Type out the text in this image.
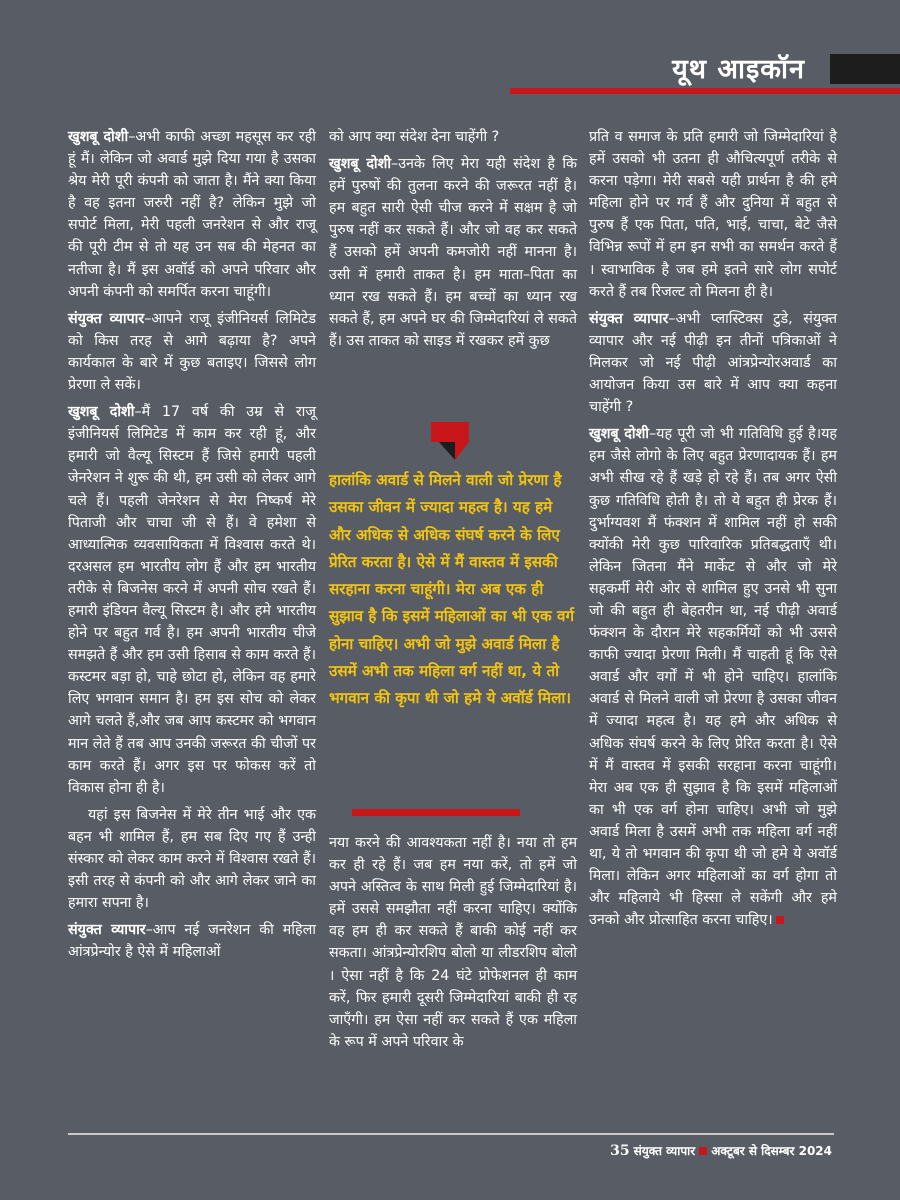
यूथ आइकॉन

खुशबू दोशी–अभी काफी अच्छा महसूस कर रही हूं मैं। लेकिन जो अवार्ड मुझे दिया गया है उसका श्रेय मेरी पूरी कंपनी को जाता है। मैंने क्या किया है वह इतना जरुरी नहीं है? लेकिन मुझे जो सपोर्ट मिला, मेरी पहली जनरेशन से और राजू की पूरी टीम से तो यह उन सब की मेहनत का नतीजा है। मैं इस अवॉर्ड को अपने परिवार और अपनी कंपनी को समर्पित करना चाहूंगी।

संयुक्त व्यापार–आपने राजू इंजीनियर्स लिमिटेड को किस तरह से आगे बढ़ाया है? अपने कार्यकाल के बारे में कुछ बताइए। जिससे लोग प्रेरणा ले सकें।

खुशबू दोशी–मैं 17 वर्ष की उम्र से राजू इंजीनियर्स लिमिटेड में काम कर रही हूं, और हमारी जो वैल्यू सिस्टम हैं जिसे हमारी पहली जेनरेशन ने शुरू की थी, हम उसी को लेकर आगे चले हैं। पहली जेनरेशन से मेरा निष्कर्ष मेरे पिताजी और चाचा जी से हैं। वे हमेशा से आध्यात्मिक व्यवसायिकता में विश्वास करते थे। दरअसल हम भारतीय लोग हैं और हम भारतीय तरीके से बिजनेस करने में अपनी सोच रखते हैं। हमारी इंडियन वैल्यू सिस्टम है। और हमे भारतीय होने पर बहुत गर्व है। हम अपनी भारतीय चीजे समझते हैं और हम उसी हिसाब से काम करते हैं। कस्टमर बड़ा हो, चाहे छोटा हो, लेकिन वह हमारे लिए भगवान समान है। हम इस सोच को लेकर आगे चलते हैं,और जब आप कस्टमर को भगवान मान लेते हैं तब आप उनकी जरूरत की चीजों पर काम करते हैं। अगर इस पर फोकस करें तो विकास होना ही है।

यहां इस बिजनेस में मेरे तीन भाई और एक बहन भी शामिल हैं, हम सब दिए गए हैं उन्ही संस्कार को लेकर काम करने में विश्वास रखते हैं। इसी तरह से कंपनी को और आगे लेकर जाने का हमारा सपना है।

संयुक्त व्यापार–आप नई जनरेशन की महिला आंत्रप्रेन्योर है ऐसे में महिलाओं

को आप क्या संदेश देना चाहेंगी ?

खुशबू दोशी–उनके लिए मेरा यही संदेश है कि हमें पुरुषों की तुलना करने की जरूरत नहीं है। हम बहुत सारी ऐसी चीज करने में सक्षम है जो पुरुष नहीं कर सकते हैं। और जो वह कर सकते हैं उसको हमें अपनी कमजोरी नहीं मानना है। उसी में हमारी ताकत है। हम माता–पिता का ध्यान रख सकते हैं। हम बच्चों का ध्यान रख सकते हैं, हम अपने घर की जिम्मेदारियां ले सकते हैं। उस ताकत को साइड में रखकर हमें कुछ

हालांकि अवार्ड से मिलने वाली जो प्रेरणा है उसका जीवन में ज्यादा महत्व है। यह हमे और अधिक से अधिक संघर्ष करने के लिए प्रेरित करता है। ऐसे में मैं वास्तव में इसकी सरहाना करना चाहूंगी। मेरा अब एक ही सुझाव है कि इसमें महिलाओं का भी एक वर्ग होना चाहिए। अभी जो मुझे अवार्ड मिला है उसमें अभी तक महिला वर्ग नहीं था, ये तो भगवान की कृपा थी जो हमे ये अवॉर्ड मिला।

नया करने की आवश्यकता नहीं है। नया तो हम कर ही रहे हैं। जब हम नया करें, तो हमें जो अपने अस्तित्व के साथ मिली हुई जिम्मेदारियां है। हमें उससे समझौता नहीं करना चाहिए। क्योंकि वह हम ही कर सकते हैं बाकी कोई नहीं कर सकता। आंत्रप्रेन्योरशिप बोलो या लीडरशिप बोलो । ऐसा नहीं है कि 24 घंटे प्रोफेशनल ही काम करें, फिर हमारी दूसरी जिम्मेदारियां बाकी ही रह जाएँगी। हम ऐसा नहीं कर सकते हैं एक महिला के रूप में अपने परिवार के

प्रति व समाज के प्रति हमारी जो जिम्मेदारियां है हमें उसको भी उतना ही औचित्यपूर्ण तरीके से करना पड़ेगा। मेरी सबसे यही प्रार्थना है की हमे महिला होने पर गर्व हैं और दुनिया में बहुत से पुरुष हैं एक पिता, पति, भाई, चाचा, बेटे जैसे विभिन्न रूपों में हम इन सभी का समर्थन करते हैं । स्वाभाविक है जब हमे इतने सारे लोग सपोर्ट करते हैं तब रिजल्ट तो मिलना ही है।

संयुक्त व्यापार–अभी प्लास्टिक्स टुडे, संयुक्त व्यापार और नई पीढ़ी इन तीनों पत्रिकाओं ने मिलकर जो नई पीढ़ी आंत्रप्रेन्योरअवार्ड का आयोजन किया उस बारे में आप क्या कहना चाहेंगी ?

खुशबू दोशी–यह पूरी जो भी गतिविधि हुई है।यह हम जैसे लोगो के लिए बहुत प्रेरणादायक हैं। हम अभी सीख रहे हैं खड़े हो रहे हैं। तब अगर ऐसी कुछ गतिविधि होती है। तो ये बहुत ही प्रेरक हैं। दुर्भाग्यवश मैं फंक्शन में शामिल नहीं हो सकी क्योंकी मेरी कुछ पारिवारिक प्रतिबद्धताएँ थी। लेकिन जितना मैंने मार्केट से और जो मेरे सहकर्मी मेरी ओर से शामिल हुए उनसे भी सुना जो की बहुत ही बेहतरीन था, नई पीढ़ी अवार्ड फंक्शन के दौरान मेरे सहकर्मियों को भी उससे काफी ज्यादा प्रेरणा मिली। मैं चाहती हूं कि ऐसे अवार्ड और वर्गों में भी होने चाहिए। हालांकि अवार्ड से मिलने वाली जो प्रेरणा है उसका जीवन में ज्यादा महत्व है। यह हमे और अधिक से अधिक संघर्ष करने के लिए प्रेरित करता है। ऐसे में मैं वास्तव में इसकी सरहाना करना चाहूंगी। मेरा अब एक ही सुझाव है कि इसमें महिलाओं का भी एक वर्ग होना चाहिए। अभी जो मुझे अवार्ड मिला है उसमें अभी तक महिला वर्ग नहीं था, ये तो भगवान की कृपा थी जो हमे ये अवॉर्ड मिला। लेकिन अगर महिलाओं का वर्ग होगा तो और महिलाये भी हिस्सा ले सकेंगी और हमे उनको और प्रोत्साहित करना चाहिए।

35 संयुक्त व्यापार अक्टूबर से दिसम्बर 2024
